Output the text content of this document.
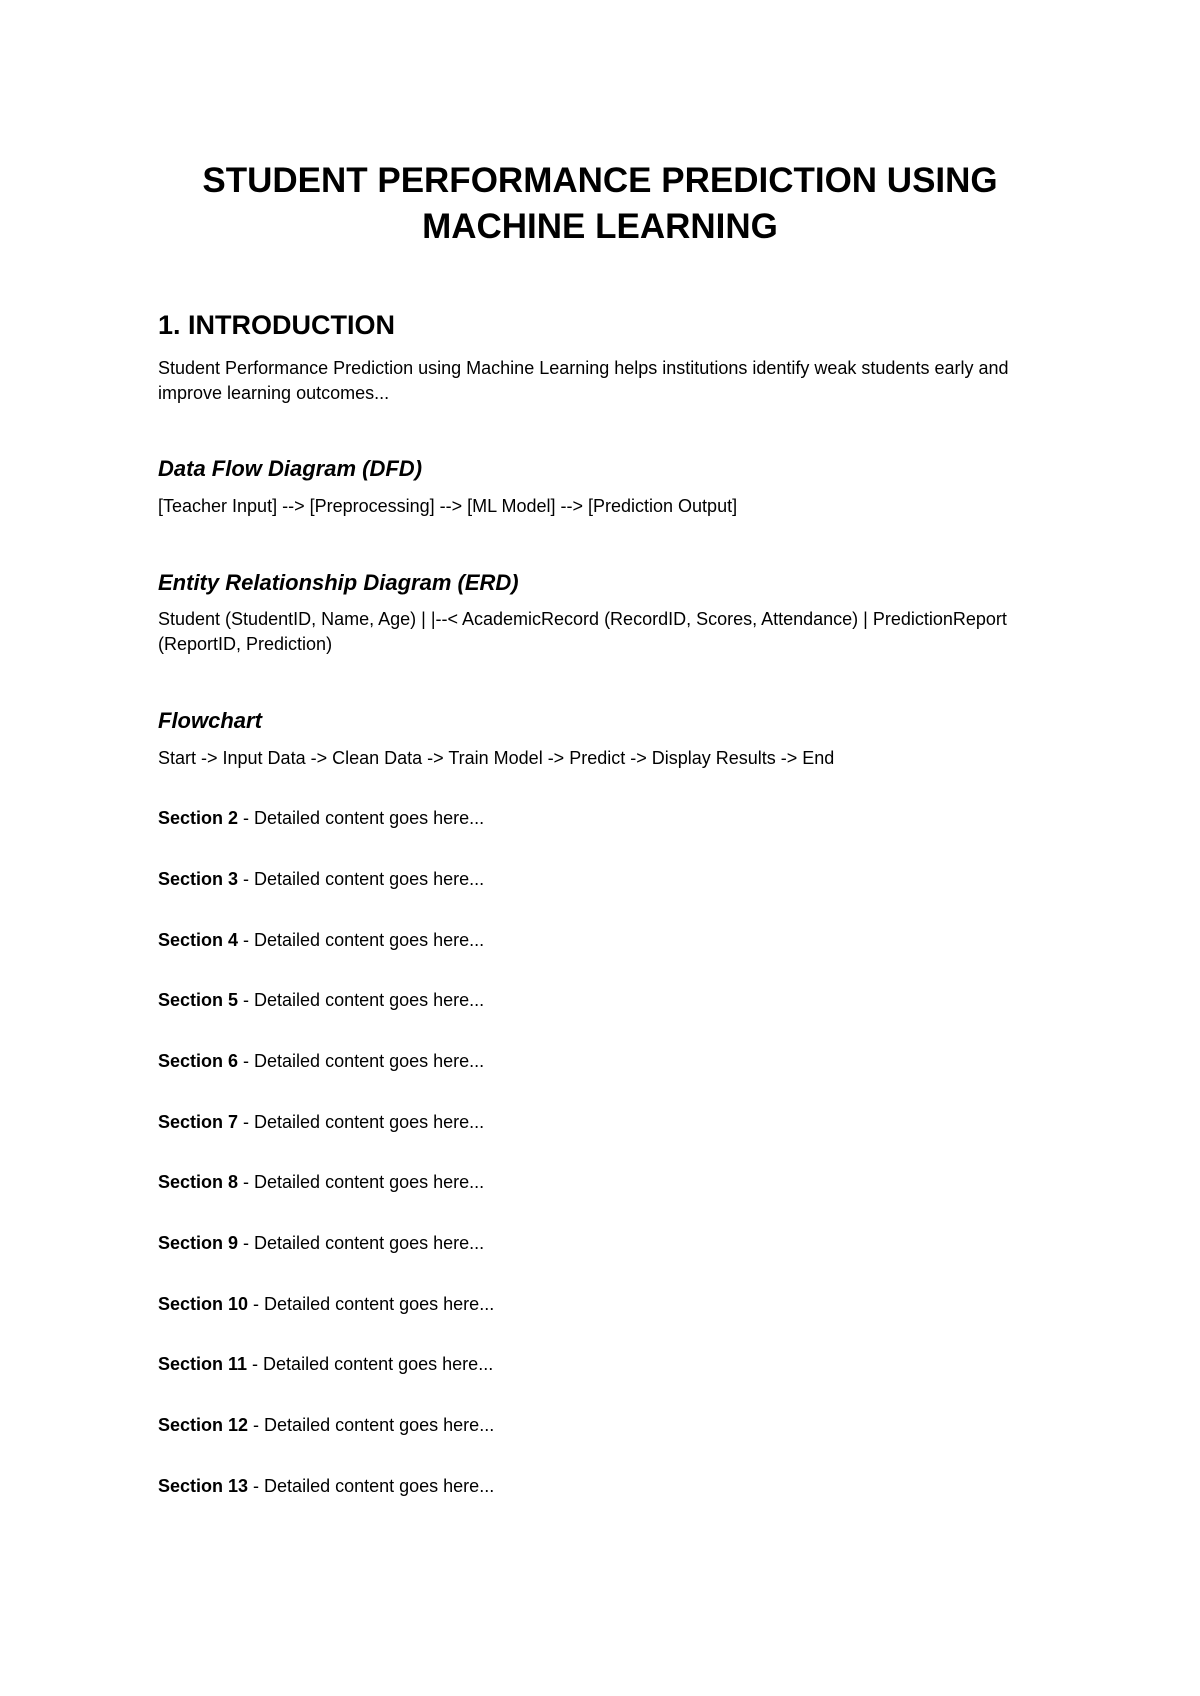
STUDENT PERFORMANCE PREDICTION USING MACHINE LEARNING
1. INTRODUCTION

Student Performance Prediction using Machine Learning helps institutions identify weak students early and improve learning outcomes...

Data Flow Diagram (DFD)

[Teacher Input] --> [Preprocessing] --> [ML Model] --> [Prediction Output]

Entity Relationship Diagram (ERD)

Student (StudentID, Name, Age) | |--< AcademicRecord (RecordID, Scores, Attendance) | PredictionReport (ReportID, Prediction)

Flowchart

Start -> Input Data -> Clean Data -> Train Model -> Predict -> Display Results -> End

Section 2 - Detailed content goes here...

Section 3 - Detailed content goes here...

Section 4 - Detailed content goes here...

Section 5 - Detailed content goes here...

Section 6 - Detailed content goes here...

Section 7 - Detailed content goes here...

Section 8 - Detailed content goes here...

Section 9 - Detailed content goes here...

Section 10 - Detailed content goes here...

Section 11 - Detailed content goes here...

Section 12 - Detailed content goes here...

Section 13 - Detailed content goes here...
